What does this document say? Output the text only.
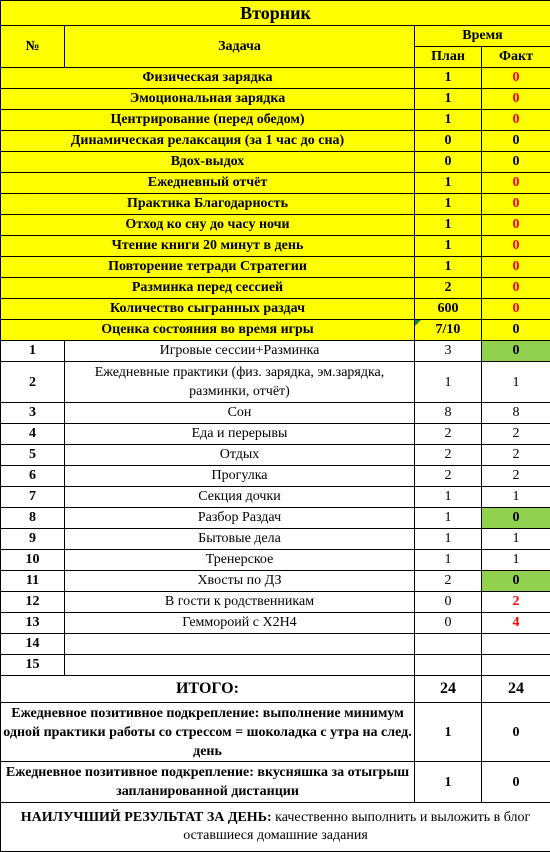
Вторник			
№	Задача	Время	
		План	Факт
Физическая зарядка		1	0
Эмоциональная зарядка		1	0
Центрирование (перед обедом)		1	0
Динамическая релаксация (за 1 час до сна)		0	0
Вдох-выдох		0	0
Ежедневный отчёт		1	0
Практика Благодарность		1	0
Отход ко сну до часу ночи		1	0
Чтение книги 20 минут в день		1	0
Повторение тетради Стратегии		1	0
Разминка перед сессией		2	0
Количество сыгранных раздач		600	0
Оценка состояния во время игры		7/10	0
1	Игровые сессии+Разминка	3	0
2	Ежедневные практики (физ. зарядка, эм.зарядка, разминки, отчёт)	1	1
3	Сон	8	8
4	Еда и перерывы	2	2
5	Отдых	2	2
6	Прогулка	2	2
7	Секция дочки	1	1
8	Разбор Раздач	1	0
9	Бытовые дела	1	1
10	Тренерское	1	1
11	Хвосты по ДЗ	2	0
12	В гости к родственникам	0	2
13	Геммороий с Х2Н4	0	4
14			
15			
ИТОГО:		24	24
Ежедневное позитивное подкрепление: выполнение минимум одной практики работы со стрессом = шоколадка с утра на след. день		1	0
Ежедневное позитивное подкрепление: вкусняшка за отыгрыш запланированной дистанции		1	0
НАИЛУЧШИЙ РЕЗУЛЬТАТ ЗА ДЕНЬ: качественно выполнить и выложить в блог оставшиеся домашние задания			
